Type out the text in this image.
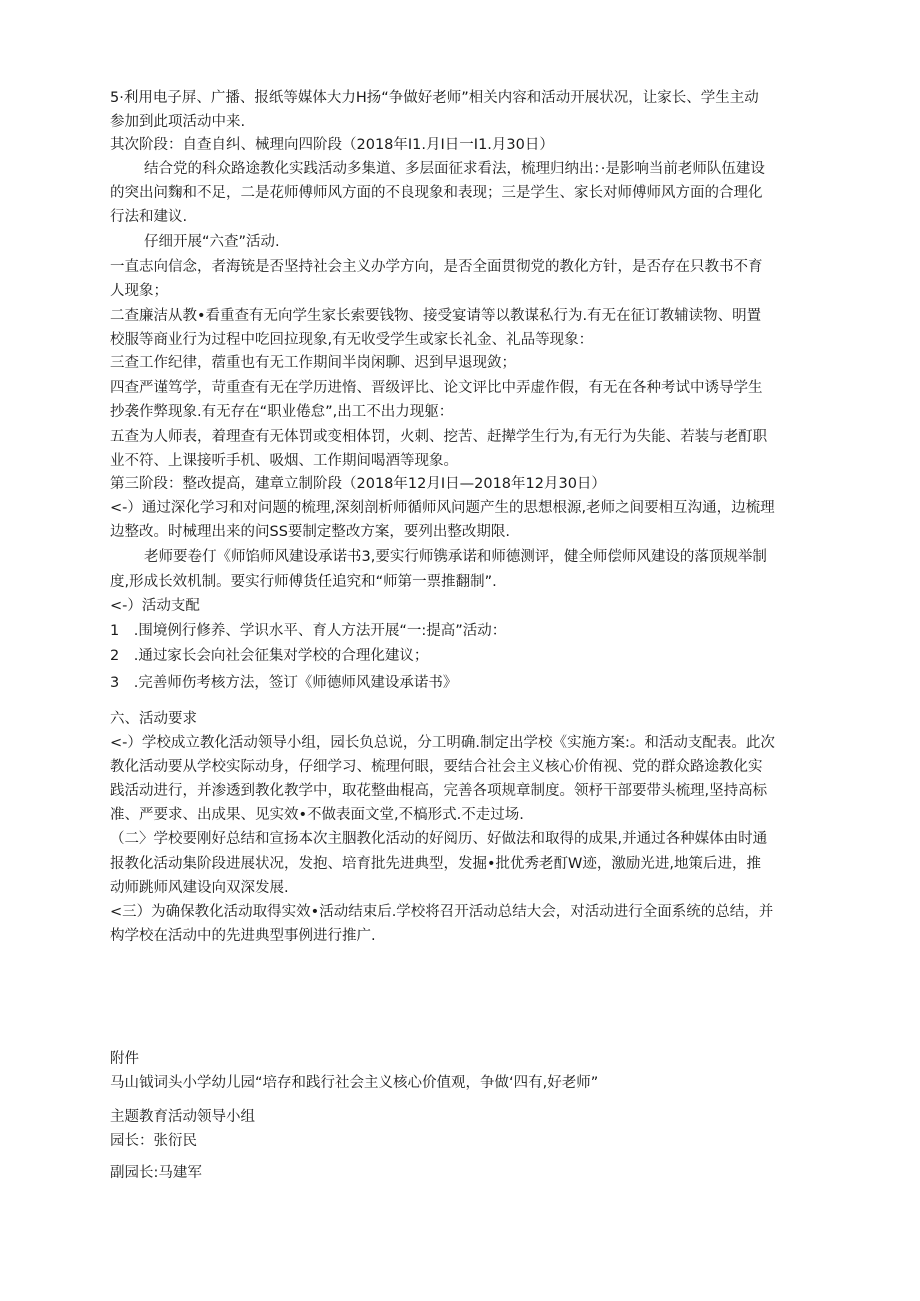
5·利用电子屏、广播、报纸等媒体大力H扬“争做好老师”相关内容和活动开展状况，让家长、学生主动
参加到此项活动中来.
其次阶段：自查自纠、械理向四阶段（2018年I1.月I日一I1.月30日）
结合党的科众路途教化实践活动多集道、多层面征求看法，梳理归纳出：·是影响当前老师队伍建设
的突出问麴和不足，二是花师傅师风方面的不良现象和表现；三是学生、家长对师傅师风方面的合理化
行法和建议.
仔细开展“六查”活动.
一直志向信念，者海铳是否坚持社会主义办学方向，是否全面贯彻党的教化方针，是否存在只教书不育
人现象；
二查廉洁从教•看重查有无向学生家长索要钱物、接受宴请等以教谋私行为.有无在征订教辅读物、明置
校服等商业行为过程中吃回拉现象,有无收受学生或家长礼金、礼品等现象：
三查工作纪律，蓿重也有无工作期间半岗闲聊、迟到早退现敛；
四查严谨笃学，苛重查有无在学历进惰、晋级评比、论文评比中弄虚作假，有无在各种考试中诱导学生
抄袭作弊现象.有无存在“职业倦怠”,出工不出力现躯：
五查为人师表，着理查有无体罚或变相体罚，火刺、挖苦、赶撵学生行为,有无行为失能、若装与老酊职
业不符、上课接听手机、吸烟、工作期间喝酒等现象。
第三阶段：整改提高，建章立制阶段（2018年12月I日—2018年12月30日）
<-）通过深化学习和对问题的梳理,深刻剖析师循师风问题产生的思想根源,老师之间要相互沟通，边梳理
边整改。时械理出来的问SS要制定整改方案，要列出整改期限.
老师要卷仃《师馅师风建设承诺书3,要实行师镌承诺和师德测评，健全师偿师风建设的落顶规举制
度,形成长效机制。要实行师傅货任追究和“师第一票推翻制”.
<-）活动支配
1　.围境例行修养、学识水平、育人方法开展“一:提高”活动：
2　.通过家长会向社会征集对学校的合理化建议；
3　.完善师伤考核方法，签订《师德师风建设承诺书》
六、活动要求
<-）学校成立教化活动领导小组，园长负总说，分工明确.制定出学校《实施方案:。和活动支配表。此次
教化活动要从学校实际动身，仔细学习、梳理何眼，要结合社会主义核心价侑视、党的群众路途教化实
践活动进行，并渗透到教化教学中，取花整曲棍高，完善各项规章制度。领杼干部要带头梳理,坚持高标
准、严要求、出成果、见实效•不做表面文堂,不槁形式.不走过场.
（二〉学校要刚好总结和宣扬本次主胭教化活动的好阅历、好做法和取得的成果,并通过各种媒体由时通
报教化活动集阶段进展状况，发抱、培育批先进典型，发掘•批优秀老酊W迹，激励光进,地策后进，推
动师跳师风建设向双深发展.
<三）为确保教化活动取得实效•活动结束后.学校将召开活动总结大会，对活动进行全面系统的总结，并
构学校在活动中的先进典型事例进行推广.
附件
马山钺词头小学幼儿园“培存和践行社会主义核心价值观，争做‘四有,好老师”
主题教育活动领导小组
园长：张衍民
副园长:马建军
